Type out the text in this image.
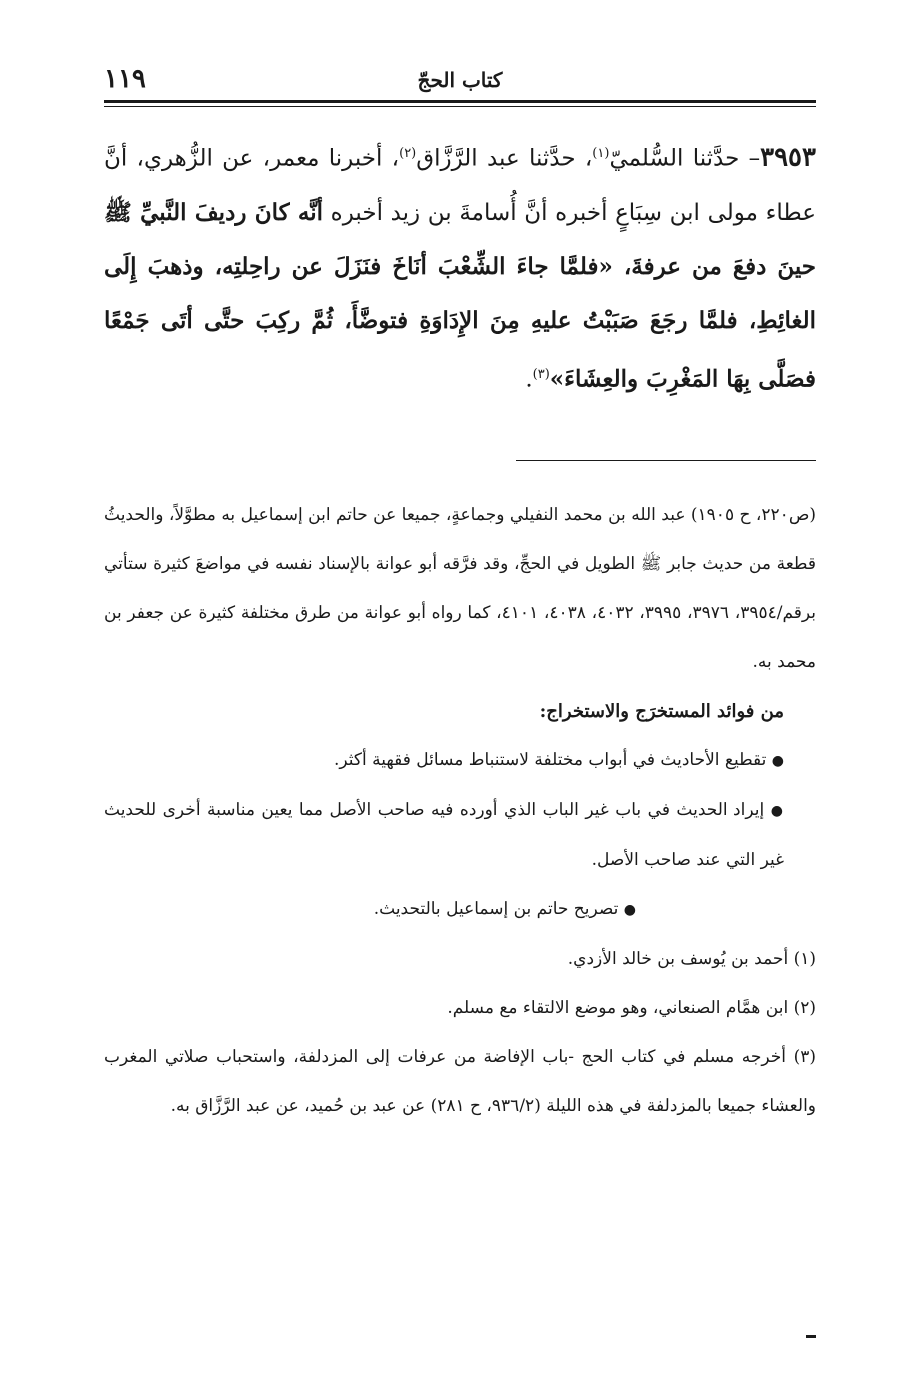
كتاب الحجّ
١١٩
٣٩٥٣– حدَّثنا السُّلميّ$^{(١)}$، حدَّثنا عبد الرَّزَّاق$^{(٢)}$، أخبرنا معمر، عن الزُّهري، أنَّ عطاء مولى ابن سِبَاعٍ أخبره أنَّ أُسامةَ بن زيد أخبره أنَّه كانَ رديفَ النَّبيِّ ﷺ حينَ دفعَ من عرفةَ، «فلمَّا جاءَ الشِّعْبَ أنَاخَ فنَزَلَ عن راحِلتِه، وذهبَ إِلَى الغائِطِ، فلمَّا رجَعَ صَبَبْتُ عليهِ مِنَ الإِدَاوَةِ فتوضَّأَ، ثُمَّ ركِبَ حتَّى أتَى جَمْعًا فصَلَّى بِهَا المَغْرِبَ والعِشَاءَ»$^{(٣)}$.

(ص٢٢٠، ح ١٩٠٥) عبد الله بن محمد النفيلي وجماعةٍ، جميعا عن حاتم ابن إسماعيل به مطوَّلاً، والحديثُ قطعة من حديث جابر ﷺ الطويل في الحجِّ، وقد فرَّقه أبو عوانة بالإسناد نفسه في مواضعَ كثيرة ستأتي برقم/٣٩٥٤، ٣٩٧٦، ٣٩٩٥، ٤٠٣٢، ٤٠٣٨، ٤١٠١، كما رواه أبو عوانة من طرق مختلفة كثيرة عن جعفر بن محمد به.

من فوائد المستخرَج والاستخراج:

● تقطيع الأحاديث في أبواب مختلفة لاستنباط مسائل فقهية أكثر.

● إيراد الحديث في باب غير الباب الذي أورده فيه صاحب الأصل مما يعين مناسبة أخرى للحديث غير التي عند صاحب الأصل.

● تصريح حاتم بن إسماعيل بالتحديث.

(١) أحمد بن يُوسف بن خالد الأزدي.

(٢) ابن همَّام الصنعاني، وهو موضع الالتقاء مع مسلم.

(٣) أخرجه مسلم في كتاب الحج -باب الإفاضة من عرفات إلى المزدلفة، واستحباب صلاتي المغرب والعشاء جميعا بالمزدلفة في هذه الليلة (٩٣٦/٢، ح ٢٨١) عن عبد بن حُميد، عن عبد الرَّزَّاق به.
